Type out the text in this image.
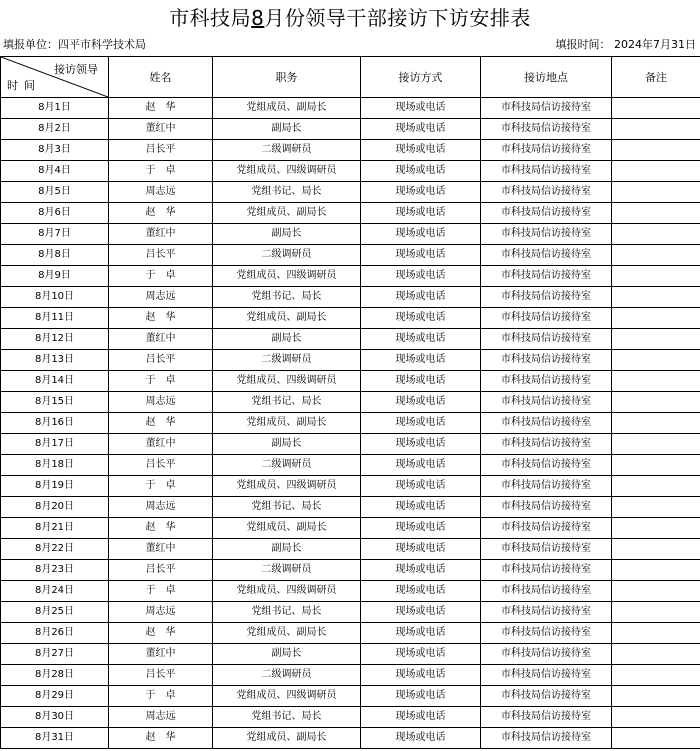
市科技局8月份领导干部接访下访安排表
填报单位：四平市科学技术局	填报时间： 2024年7月31日
接访领导
时间	姓名	职务	接访方式	接访地点	备注
8月1日	赵　华	党组成员、副局长	现场或电话	市科技局信访接待室	
8月2日	董红中	副局长	现场或电话	市科技局信访接待室	
8月3日	吕长平	二级调研员	现场或电话	市科技局信访接待室	
8月4日	于　卓	党组成员、四级调研员	现场或电话	市科技局信访接待室	
8月5日	周志远	党组书记、局长	现场或电话	市科技局信访接待室	
8月6日	赵　华	党组成员、副局长	现场或电话	市科技局信访接待室	
8月7日	董红中	副局长	现场或电话	市科技局信访接待室	
8月8日	吕长平	二级调研员	现场或电话	市科技局信访接待室	
8月9日	于　卓	党组成员、四级调研员	现场或电话	市科技局信访接待室	
8月10日	周志远	党组书记、局长	现场或电话	市科技局信访接待室	
8月11日	赵　华	党组成员、副局长	现场或电话	市科技局信访接待室	
8月12日	董红中	副局长	现场或电话	市科技局信访接待室	
8月13日	吕长平	二级调研员	现场或电话	市科技局信访接待室	
8月14日	于　卓	党组成员、四级调研员	现场或电话	市科技局信访接待室	
8月15日	周志远	党组书记、局长	现场或电话	市科技局信访接待室	
8月16日	赵　华	党组成员、副局长	现场或电话	市科技局信访接待室	
8月17日	董红中	副局长	现场或电话	市科技局信访接待室	
8月18日	吕长平	二级调研员	现场或电话	市科技局信访接待室	
8月19日	于　卓	党组成员、四级调研员	现场或电话	市科技局信访接待室	
8月20日	周志远	党组书记、局长	现场或电话	市科技局信访接待室	
8月21日	赵　华	党组成员、副局长	现场或电话	市科技局信访接待室	
8月22日	董红中	副局长	现场或电话	市科技局信访接待室	
8月23日	吕长平	二级调研员	现场或电话	市科技局信访接待室	
8月24日	于　卓	党组成员、四级调研员	现场或电话	市科技局信访接待室	
8月25日	周志远	党组书记、局长	现场或电话	市科技局信访接待室	
8月26日	赵　华	党组成员、副局长	现场或电话	市科技局信访接待室	
8月27日	董红中	副局长	现场或电话	市科技局信访接待室	
8月28日	吕长平	二级调研员	现场或电话	市科技局信访接待室	
8月29日	于　卓	党组成员、四级调研员	现场或电话	市科技局信访接待室	
8月30日	周志远	党组书记、局长	现场或电话	市科技局信访接待室	
8月31日	赵　华	党组成员、副局长	现场或电话	市科技局信访接待室	
